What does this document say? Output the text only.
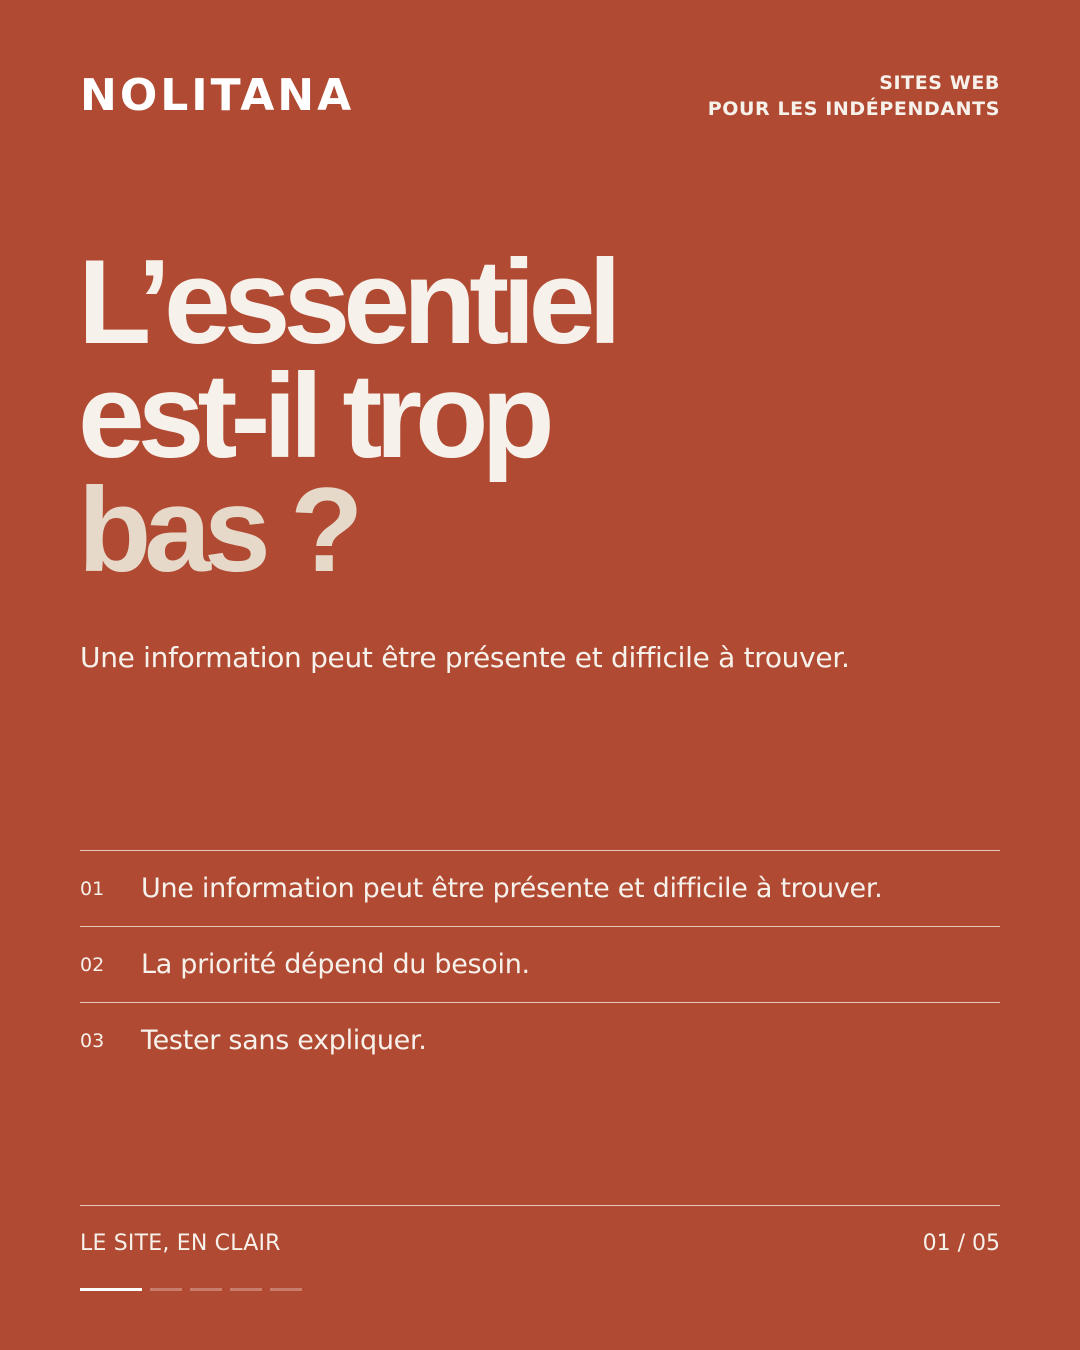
NOLITANA	SITES WEB
POUR LES INDÉPENDANTS
L’essentiel
est-il trop
bas ?
Une information peut être présente et difficile à trouver.
01	Une information peut être présente et difficile à trouver.
02	La priorité dépend du besoin.
03	Tester sans expliquer.
LE SITE, EN CLAIR	01 / 05
